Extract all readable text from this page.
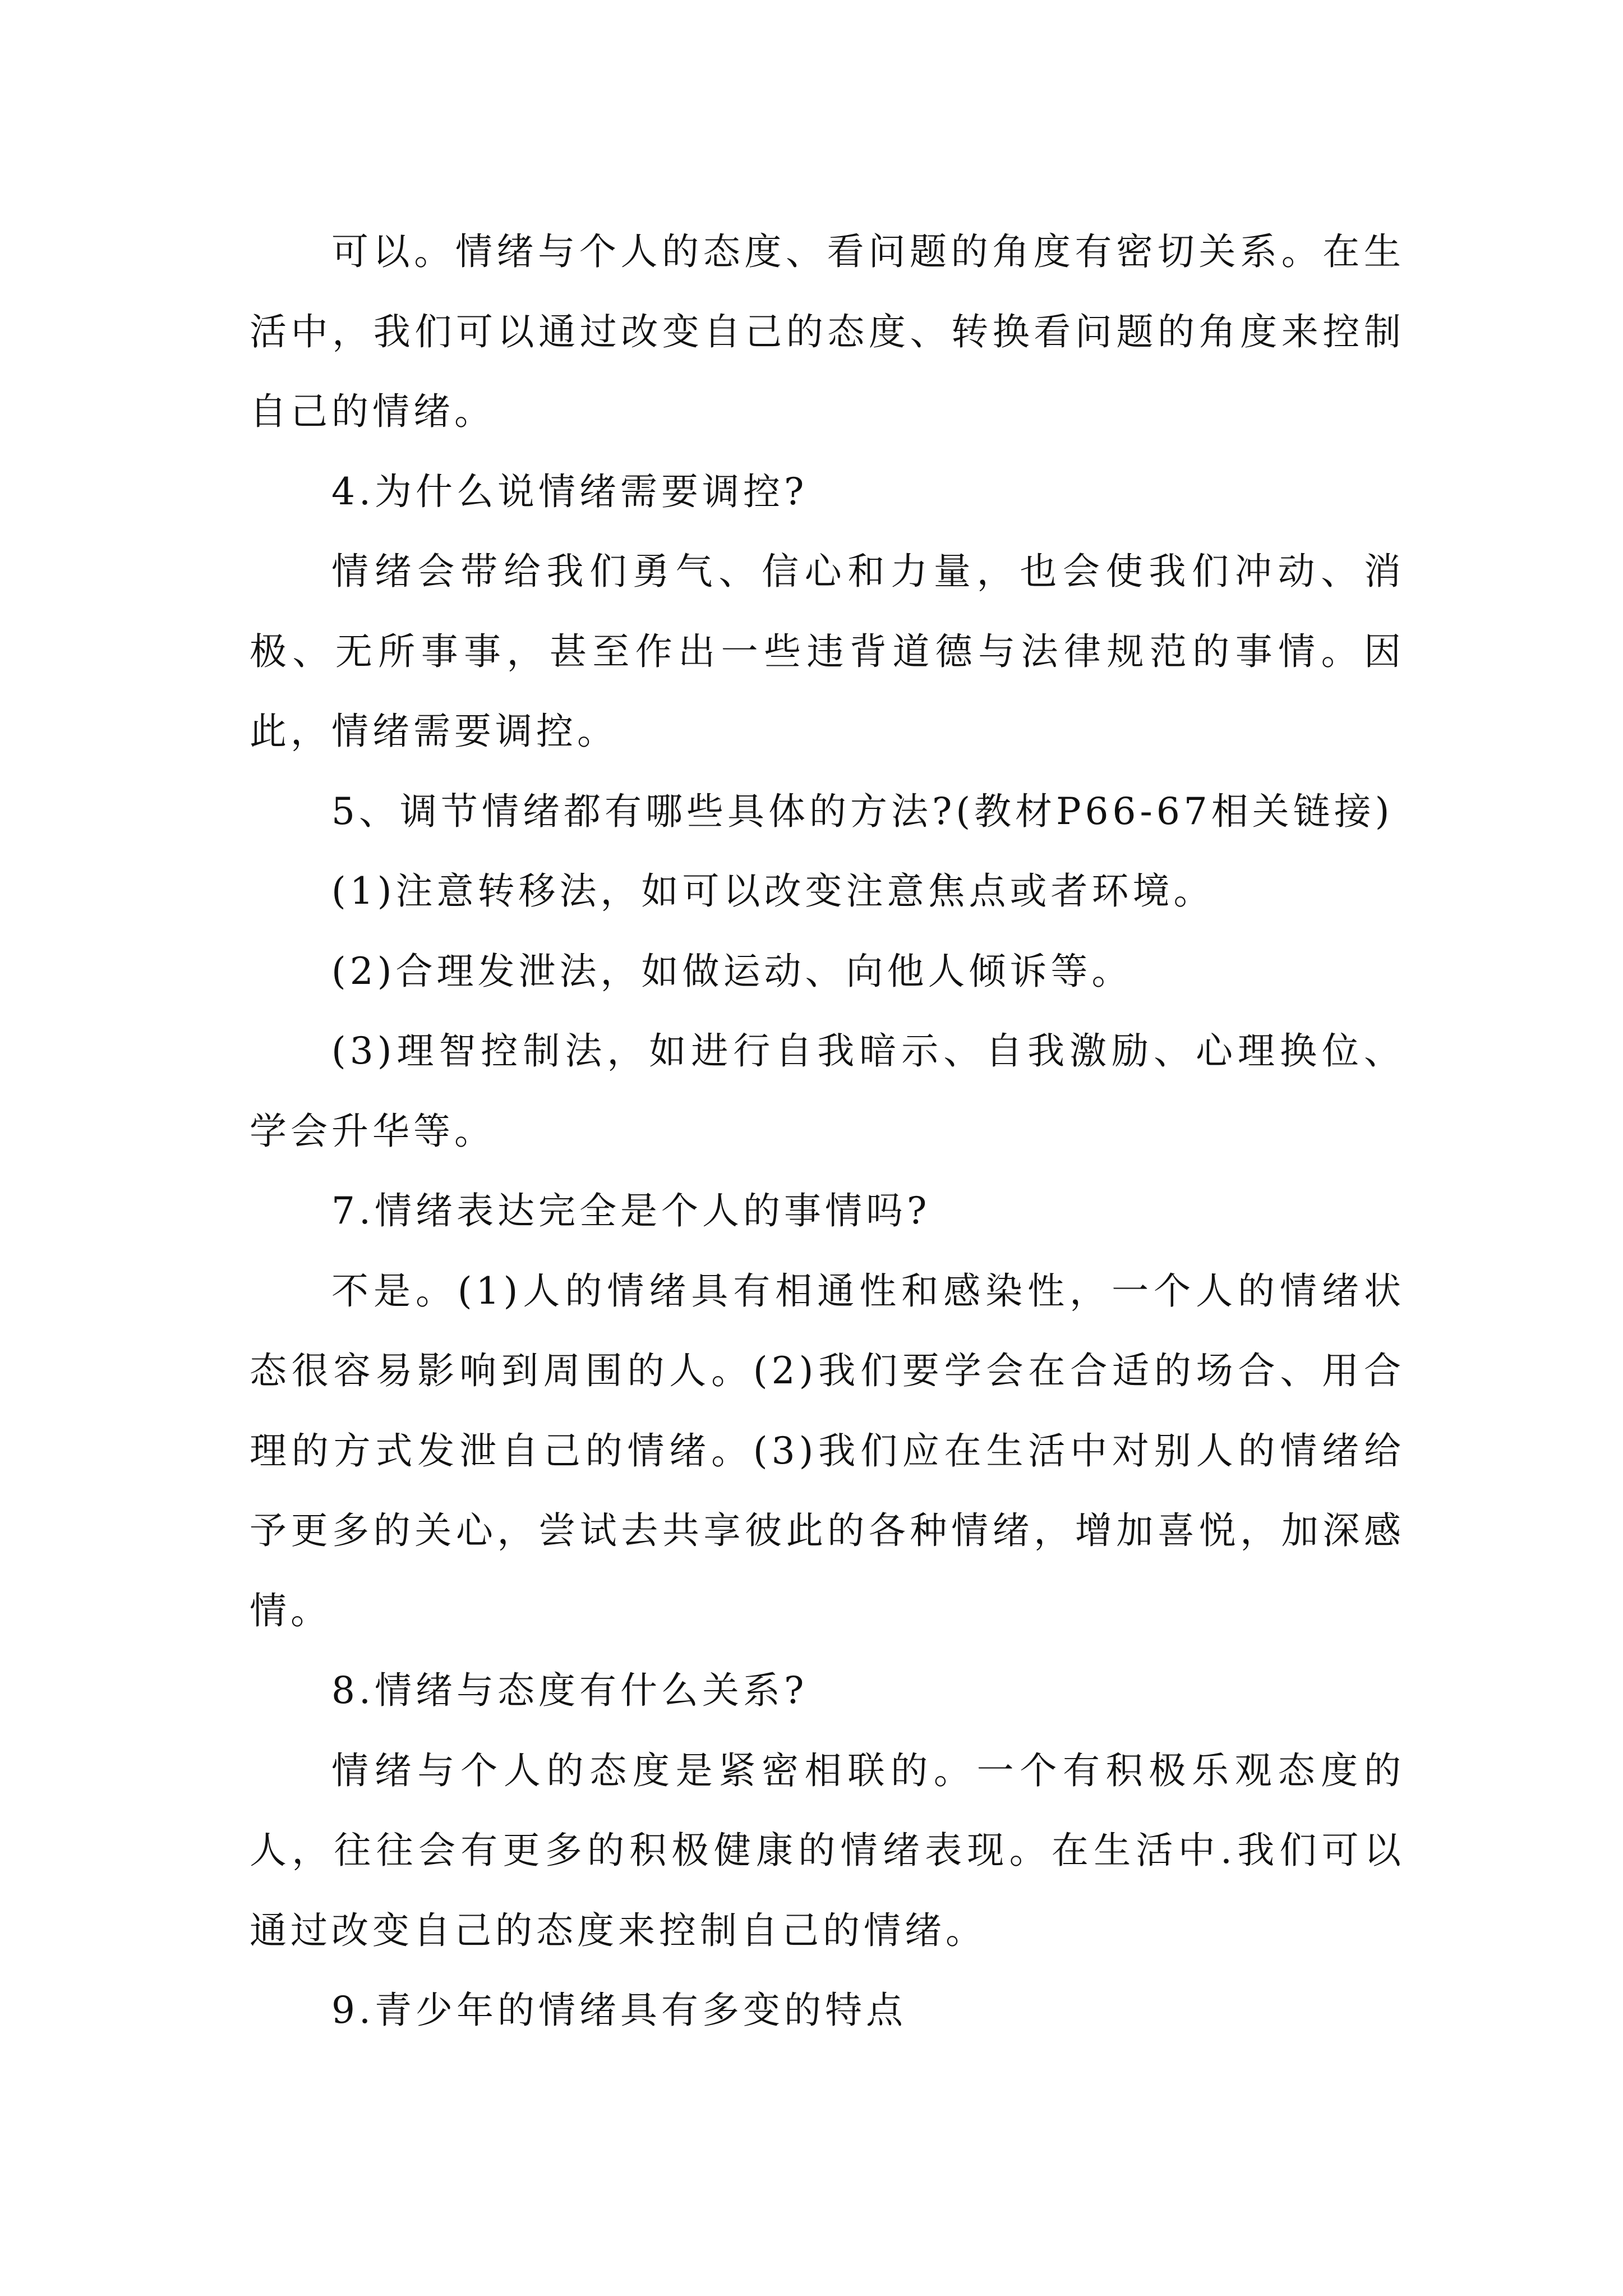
可以。情绪与个人的态度、看问题的角度有密切关系。在生活中，我们可以通过改变自己的态度、转换看问题的角度来控制自己的情绪。

4.为什么说情绪需要调控?

情绪会带给我们勇气、信心和力量，也会使我们冲动、消极、无所事事，甚至作出一些违背道德与法律规范的事情。因此，情绪需要调控。

5、调节情绪都有哪些具体的方法?(教材P66-67相关链接)

(1)注意转移法，如可以改变注意焦点或者环境。

(2)合理发泄法，如做运动、向他人倾诉等。

(3)理智控制法，如进行自我暗示、自我激励、心理换位、学会升华等。

7.情绪表达完全是个人的事情吗?

不是。(1)人的情绪具有相通性和感染性，一个人的情绪状态很容易影响到周围的人。(2)我们要学会在合适的场合、用合理的方式发泄自己的情绪。(3)我们应在生活中对别人的情绪给予更多的关心，尝试去共享彼此的各种情绪，增加喜悦，加深感情。

8.情绪与态度有什么关系?

情绪与个人的态度是紧密相联的。一个有积极乐观态度的人，往往会有更多的积极健康的情绪表现。在生活中.我们可以通过改变自己的态度来控制自己的情绪。

9.青少年的情绪具有多变的特点
